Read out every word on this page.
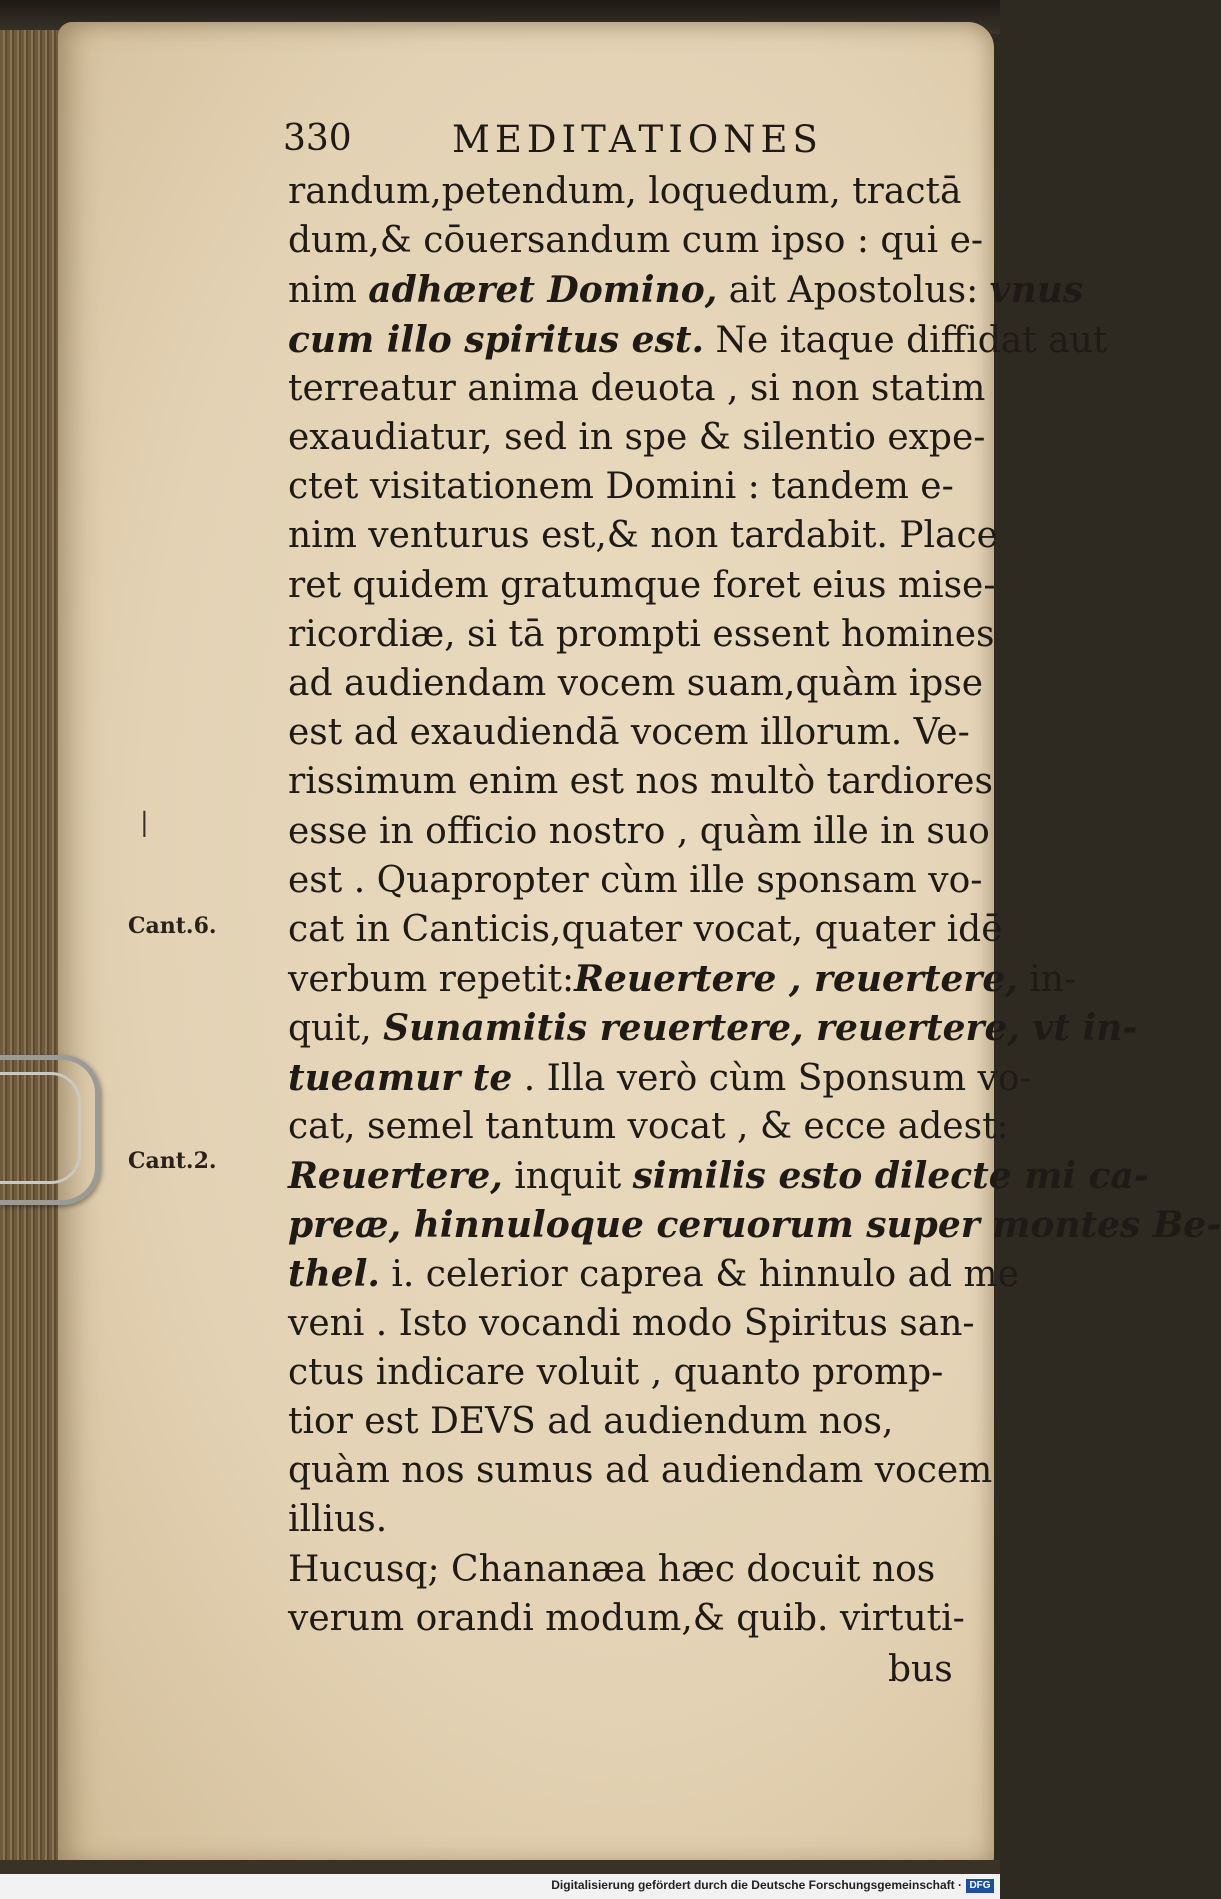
330	MEDITATIONES
randum,petendum, loquedum, tractā
dum,& cōuersandum cum ipso : qui e-
nim adhæret Domino, ait Apostolus: vnus
cum illo spiritus est. Ne itaque diffidat aut
terreatur anima deuota , si non statim
exaudiatur, sed in spe & silentio expe-
ctet visitationem Domini : tandem e-
nim venturus est,& non tardabit. Place
ret quidem gratumque foret eius mise-
ricordiæ, si tā prompti essent homines
ad audiendam vocem suam,quàm ipse
est ad exaudiendā vocem illorum. Ve-
rissimum enim est nos multò tardiores
esse in officio nostro , quàm ille in suo
est . Quapropter cùm ille sponsam vo-
cat in Canticis,quater vocat, quater idē
verbum repetit:Reuertere , reuertere, in-
quit, Sunamitis reuertere, reuertere, vt in-
tueamur te . Illa verò cùm Sponsum vo-
cat, semel tantum vocat , & ecce adest:
Reuertere, inquit similis esto dilecte mi ca-
preæ, hinnuloque ceruorum super montes Be-
thel. i. celerior caprea & hinnulo ad me
veni . Isto vocandi modo Spiritus san-
ctus indicare voluit , quanto promp-
tior est DEVS ad audiendum nos,
quàm nos sumus ad audiendam vocem
illius.
Hucusq; Chananæa hæc docuit nos
verum orandi modum,& quib. virtuti-
bus
Cant.6.
Cant.2.
|
Digitalisierung gefördert durch die Deutsche Forschungsgemeinschaft · DFG
